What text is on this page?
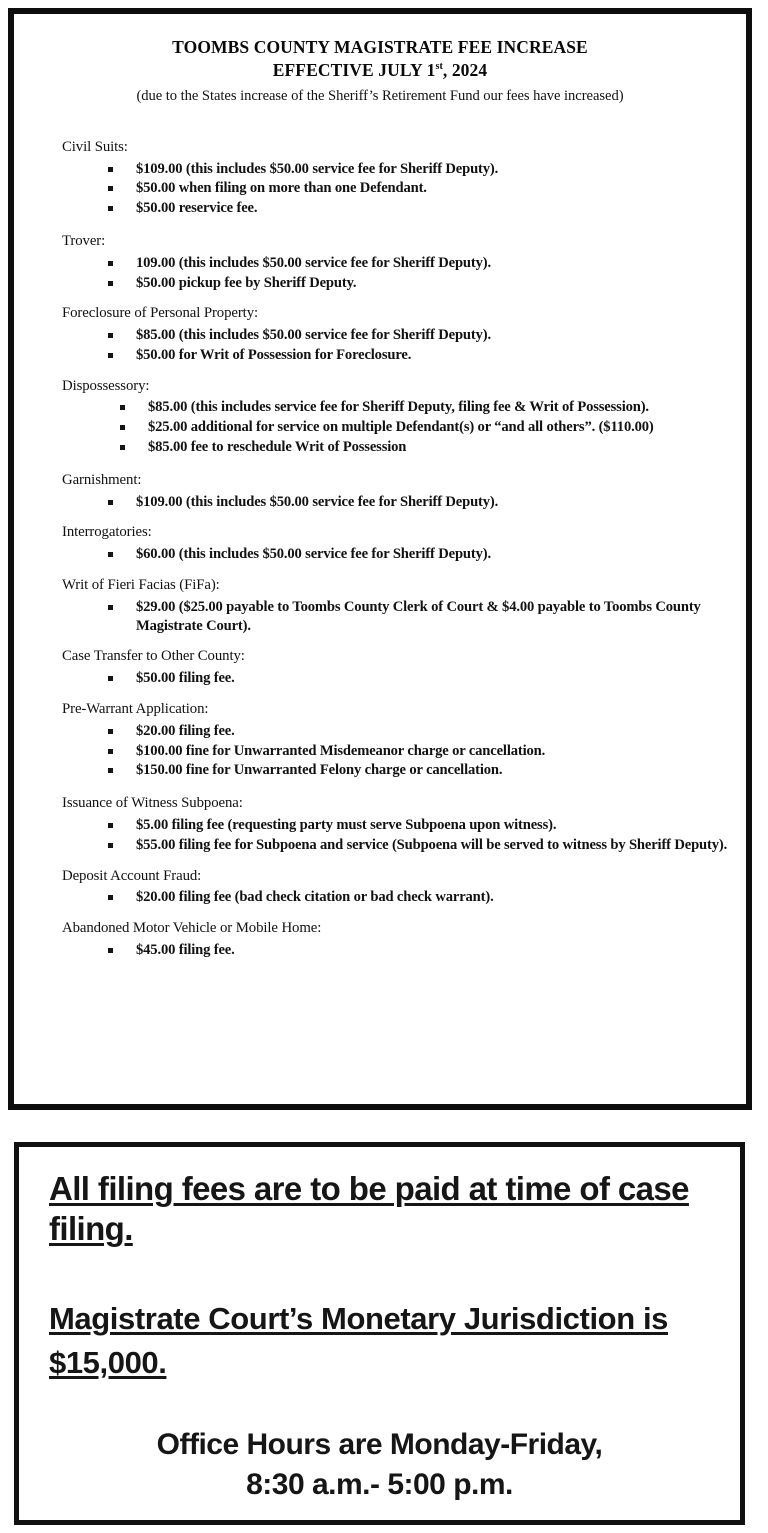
TOOMBS COUNTY MAGISTRATE FEE INCREASE
EFFECTIVE JULY 1st, 2024
(due to the States increase of the Sheriff’s Retirement Fund our fees have increased)
Civil Suits:
$109.00 (this includes $50.00 service fee for Sheriff Deputy).
$50.00 when filing on more than one Defendant.
$50.00 reservice fee.
Trover:
109.00 (this includes $50.00 service fee for Sheriff Deputy).
$50.00 pickup fee by Sheriff Deputy.
Foreclosure of Personal Property:
$85.00 (this includes $50.00 service fee for Sheriff Deputy).
$50.00 for Writ of Possession for Foreclosure.
Dispossessory:
$85.00 (this includes service fee for Sheriff Deputy, filing fee & Writ of Possession).
$25.00 additional for service on multiple Defendant(s) or “and all others”. ($110.00)
$85.00 fee to reschedule Writ of Possession
Garnishment:
$109.00 (this includes $50.00 service fee for Sheriff Deputy).
Interrogatories:
$60.00 (this includes $50.00 service fee for Sheriff Deputy).
Writ of Fieri Facias (FiFa):
$29.00 ($25.00 payable to Toombs County Clerk of Court & $4.00 payable to Toombs County Magistrate Court).
Case Transfer to Other County:
$50.00 filing fee.
Pre-Warrant Application:
$20.00 filing fee.
$100.00 fine for Unwarranted Misdemeanor charge or cancellation.
$150.00 fine for Unwarranted Felony charge or cancellation.
Issuance of Witness Subpoena:
$5.00 filing fee (requesting party must serve Subpoena upon witness).
$55.00 filing fee for Subpoena and service (Subpoena will be served to witness by Sheriff Deputy).
Deposit Account Fraud:
$20.00 filing fee (bad check citation or bad check warrant).
Abandoned Motor Vehicle or Mobile Home:
$45.00 filing fee.
All filing fees are to be paid at time of case filing.
Magistrate Court’s Monetary Jurisdiction is $15,000.
Office Hours are Monday-Friday,
8:30 a.m.- 5:00 p.m.
